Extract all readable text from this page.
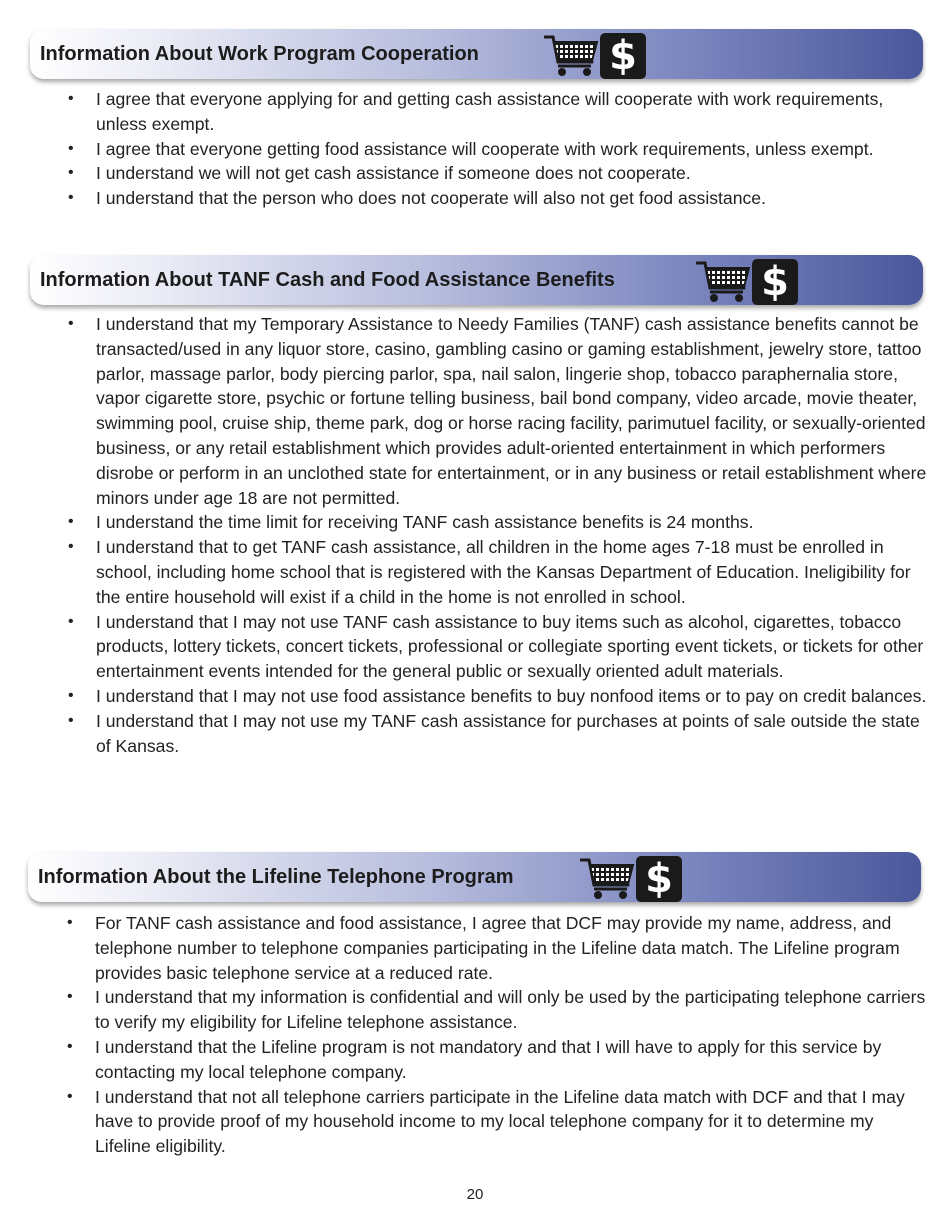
Information About Work Program Cooperation	$
• I agree that everyone applying for and getting cash assistance will cooperate with work requirements, unless exempt.
• I agree that everyone getting food assistance will cooperate with work requirements, unless exempt.
• I understand we will not get cash assistance if someone does not cooperate.
• I understand that the person who does not cooperate will also not get food assistance.
Information About TANF Cash and Food Assistance Benefits	$
• I understand that my Temporary Assistance to Needy Families (TANF) cash assistance benefits cannot be transacted/used in any liquor store, casino, gambling casino or gaming establishment, jewelry store, tattoo parlor, massage parlor, body piercing parlor, spa, nail salon, lingerie shop, tobacco paraphernalia store, vapor cigarette store, psychic or fortune telling business, bail bond company, video arcade, movie theater, swimming pool, cruise ship, theme park, dog or horse racing facility, parimutuel facility, or sexually-oriented business, or any retail establishment which provides adult-oriented entertainment in which performers disrobe or perform in an unclothed state for entertainment, or in any business or retail establishment where minors under age 18 are not permitted.
• I understand the time limit for receiving TANF cash assistance benefits is 24 months.
• I understand that to get TANF cash assistance, all children in the home ages 7-18 must be enrolled in school, including home school that is registered with the Kansas Department of Education. Ineligibility for the entire household will exist if a child in the home is not enrolled in school.
• I understand that I may not use TANF cash assistance to buy items such as alcohol, cigarettes, tobacco products, lottery tickets, concert tickets, professional or collegiate sporting event tickets, or tickets for other entertainment events intended for the general public or sexually oriented adult materials.
• I understand that I may not use food assistance benefits to buy nonfood items or to pay on credit balances.
• I understand that I may not use my TANF cash assistance for purchases at points of sale outside the state of Kansas.
Information About the Lifeline Telephone Program	$
• For TANF cash assistance and food assistance, I agree that DCF may provide my name, address, and telephone number to telephone companies participating in the Lifeline data match. The Lifeline program provides basic telephone service at a reduced rate.
• I understand that my information is confidential and will only be used by the participating telephone carriers to verify my eligibility for Lifeline telephone assistance.
• I understand that the Lifeline program is not mandatory and that I will have to apply for this service by contacting my local telephone company.
• I understand that not all telephone carriers participate in the Lifeline data match with DCF and that I may have to provide proof of my household income to my local telephone company for it to determine my Lifeline eligibility.
20
